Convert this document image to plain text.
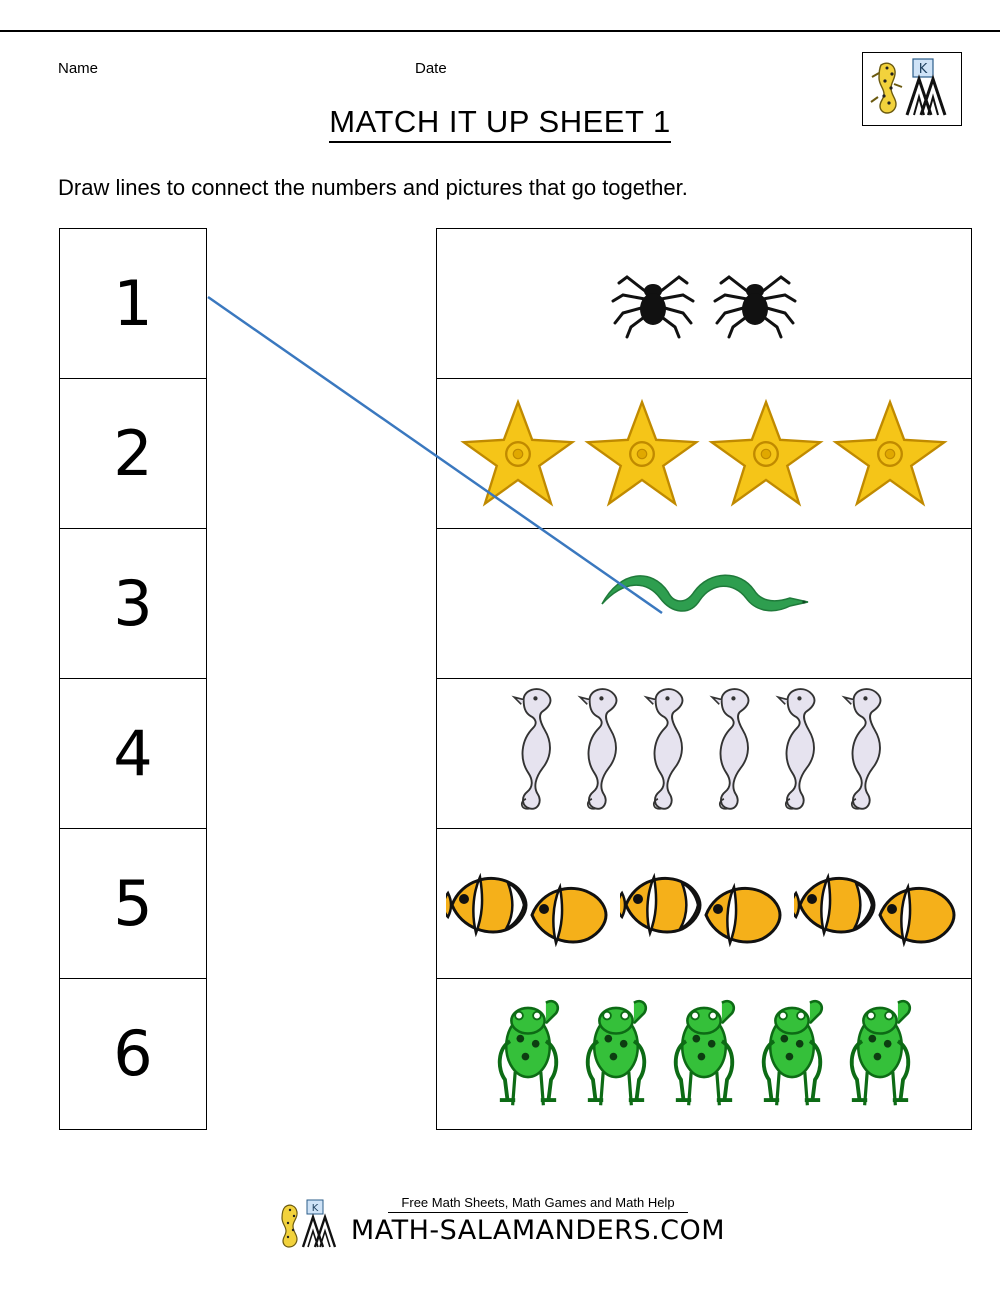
Name	Date	K
MATCH IT UP SHEET 1
Draw lines to connect the numbers and pictures that go together.
1
2
3
4
5
6
K	Free Math Sheets, Math Games and Math Help
MATH-SALAMANDERS.COM
